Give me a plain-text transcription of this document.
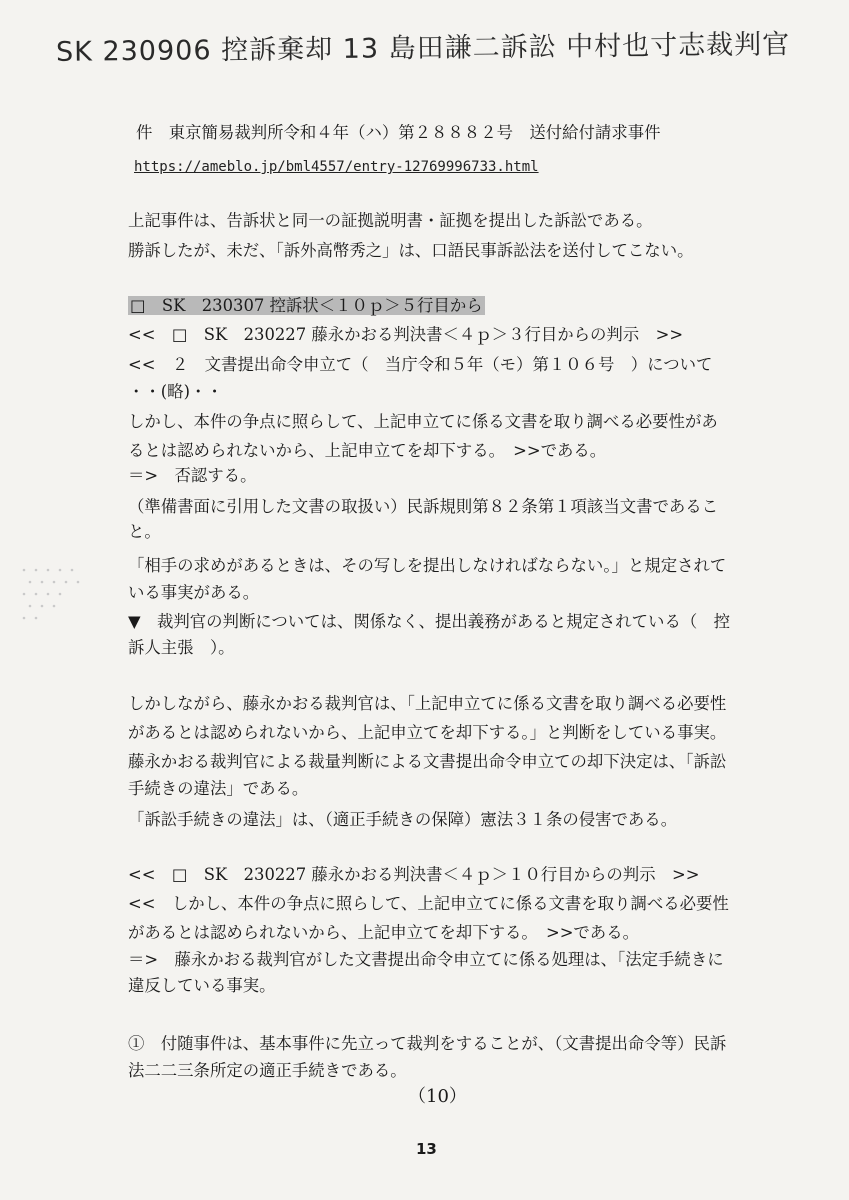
SK 230906 控訴棄却 13 島田謙二訴訟 中村也寸志裁判官
件　東京簡易裁判所令和４年（ハ）第２８８８２号　送付給付請求事件
https://ameblo.jp/bml4557/entry-12769996733.html
上記事件は、告訴状と同一の証拠説明書・証拠を提出した訴訟である。
勝訴したが、未だ、「訴外高幣秀之」は、口語民事訴訟法を送付してこない。
□　SK　230307 控訴状＜１０ｐ＞５行目から
<<　□　SK　230227 藤永かおる判決書＜４ｐ＞３行目からの判示　>>
<<　２　文書提出命令申立て（　当庁令和５年（モ）第１０６号　）について
・・(略)・・
しかし、本件の争点に照らして、上記申立てに係る文書を取り調べる必要性があ
るとは認められないから、上記申立てを却下する。　>>である。
＝>　否認する。
（準備書面に引用した文書の取扱い）民訴規則第８２条第１項該当文書であるこ
と。
「相手の求めがあるときは、その写しを提出しなければならない。」と規定されて
いる事実がある。
▼　裁判官の判断については、関係なく、提出義務があると規定されている（　控
訴人主張　）。
しかしながら、藤永かおる裁判官は、「上記申立てに係る文書を取り調べる必要性
があるとは認められないから、上記申立てを却下する。」と判断をしている事実。
藤永かおる裁判官による裁量判断による文書提出命令申立ての却下決定は、「訴訟
手続きの違法」である。
「訴訟手続きの違法」は、（適正手続きの保障）憲法３１条の侵害である。
<<　□　SK　230227 藤永かおる判決書＜４ｐ＞１０行目からの判示　>>
<<　しかし、本件の争点に照らして、上記申立てに係る文書を取り調べる必要性
があるとは認められないから、上記申立てを却下する。　>>である。
＝>　藤永かおる裁判官がした文書提出命令申立てに係る処理は、「法定手続きに
違反している事実。
①　付随事件は、基本事件に先立って裁判をすることが、（文書提出命令等）民訴
法二二三条所定の適正手続きである。
（10）
13
